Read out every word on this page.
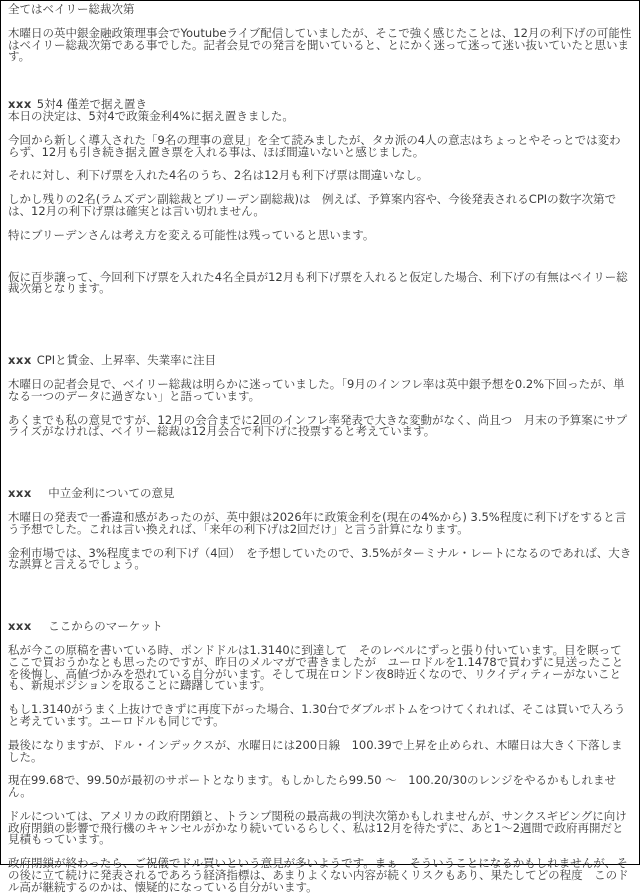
全てはベイリー総裁次第

木曜日の英中銀金融政策理事会でYoutubeライブ配信していましたが、そこで強く感じたことは、12月の利下げの可能性はベイリー総裁次第である事でした。記者会見での発言を聞いていると、とにかく迷って迷って迷い抜いていたと思います。

xxx 5対4 僅差で据え置き

本日の決定は、5対4で政策金利4%に据え置きました。

今回から新しく導入された「9名の理事の意見」を全て読みましたが、タカ派の4人の意志はちょっとやそっとでは変わらず、12月も引き続き据え置き票を入れる事は、ほぼ間違いないと感じました。

それに対し、利下げ票を入れた4名のうち、2名は12月も利下げ票は間違いなし。

しかし残りの2名(ラムズデン副総裁とブリーデン副総裁)は　例えば、予算案内容や、今後発表されるCPIの数字次第では、12月の利下げ票は確実とは言い切れません。

特にブリーデンさんは考え方を変える可能性は残っていると思います。

仮に百歩譲って、今回利下げ票を入れた4名全員が12月も利下げ票を入れると仮定した場合、利下げの有無はベイリー総裁次第となります。

xxx CPIと賃金、上昇率、失業率に注目

木曜日の記者会見で、ベイリー総裁は明らかに迷っていました。「9月のインフレ率は英中銀予想を0.2%下回ったが、単なる一つのデータに過ぎない」と語っています。

あくまでも私の意見ですが、12月の会合までに2回のインフレ率発表で大きな変動がなく、尚且つ　月末の予算案にサプライズがなければ、ベイリー総裁は12月会合で利下げに投票すると考えています。

xxx　中立金利についての意見

木曜日の発表で一番違和感があったのが、英中銀は2026年に政策金利を(現在の4%から) 3.5%程度に利下げをすると言う予想でした。これは言い換えれば、「来年の利下げは2回だけ」と言う計算になります。

金利市場では、3%程度までの利下げ（4回）　を予想していたので、3.5%がターミナル・レートになるのであれば、大きな誤算と言えるでしょう。

xxx　ここからのマーケット

私が今この原稿を書いている時、ポンドドルは1.3140に到達して　そのレベルにずっと張り付いています。目を瞑って　ここで買おうかなとも思ったのですが、昨日のメルマガで書きましたが　ユーロドルを1.1478で買わずに見送ったことを後悔し、高値づかみを恐れている自分がいます。そして現在ロンドン夜8時近くなので、リクイディティーがないことも、新規ポジションを取ることに躊躇しています。

もし1.3140がうまく上抜けできずに再度下がった場合、1.30台でダブルボトムをつけてくれれば、そこは買いで入ろうと考えています。ユーロドルも同じです。

最後になりますが、ドル・インデックスが、水曜日には200日線　100.39で上昇を止められ、木曜日は大きく下落しました。

現在99.68で、99.50が最初のサポートとなります。もしかしたら99.50 ～　100.20/30のレンジをやるかもしれません。

ドルについては、アメリカの政府閉鎖と、トランプ関税の最高裁の判決次第かもしれませんが、サンクスギビングに向け政府閉鎖の影響で飛行機のキャンセルがかなり続いているらしく、私は12月を待たずに、あと1～2週間で政府再開だと見積もっています。

政府閉鎖が終わったら、ご祝儀でドル買いという意見が多いようです。まぁ　そういうことになるかもしれませんが、その後に立て続けに発表されるであろう経済指標は、あまりよくない内容が続くリスクもあり、果たしてどの程度　このドル高が継続するのかは、懐疑的になっている自分がいます。
